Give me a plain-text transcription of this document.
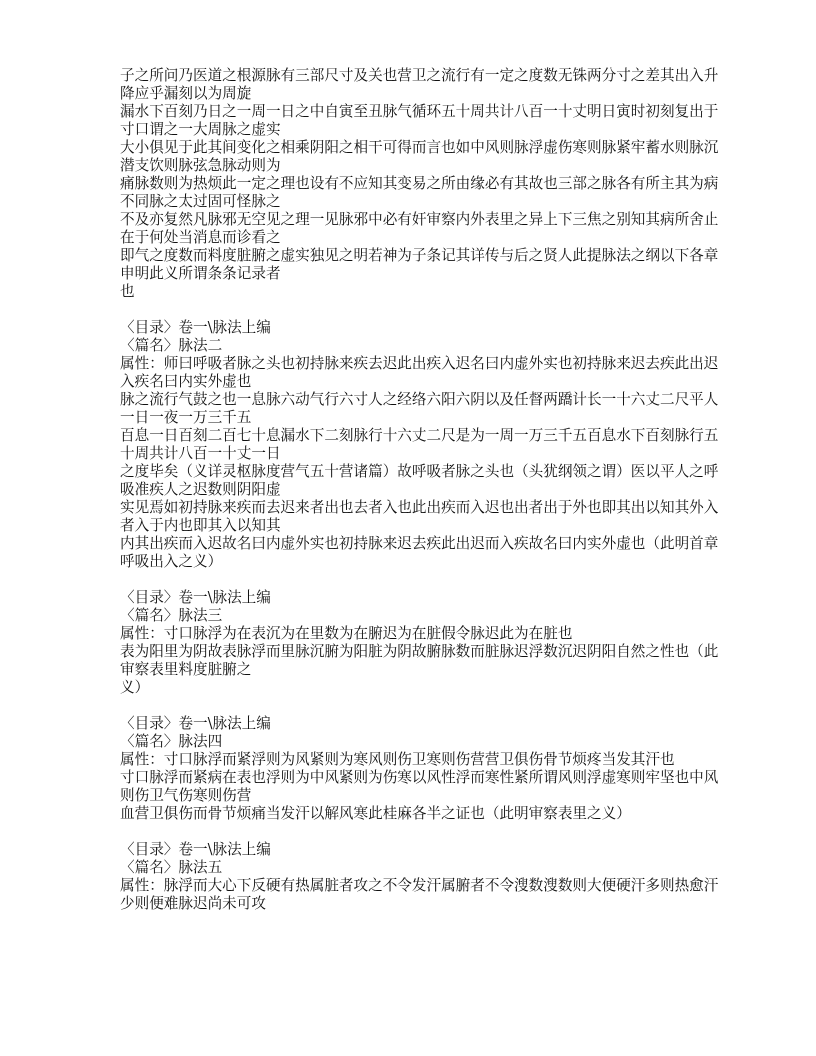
子之所问乃医道之根源脉有三部尺寸及关也营卫之流行有一定之度数无铢两分寸之差其出入升
降应乎漏刻以为周旋
漏水下百刻乃日之一周一日之中自寅至丑脉气循环五十周共计八百一十丈明日寅时初刻复出于
寸口谓之一大周脉之虚实
大小俱见于此其间变化之相乘阴阳之相干可得而言也如中风则脉浮虚伤寒则脉紧牢蓄水则脉沉
潜支饮则脉弦急脉动则为
痛脉数则为热烦此一定之理也设有不应知其变易之所由缘必有其故也三部之脉各有所主其为病
不同脉之太过固可怪脉之
不及亦复然凡脉邪无空见之理一见脉邪中必有奸审察内外表里之异上下三焦之别知其病所舍止
在于何处当消息而诊看之
即气之度数而料度脏腑之虚实独见之明若神为子条记其详传与后之贤人此提脉法之纲以下各章
申明此义所谓条条记录者
也
〈目录〉卷一\脉法上编
〈篇名〉脉法二
属性：师曰呼吸者脉之头也初持脉来疾去迟此出疾入迟名曰内虚外实也初持脉来迟去疾此出迟
入疾名曰内实外虚也
脉之流行气鼓之也一息脉六动气行六寸人之经络六阳六阴以及任督两蹻计长一十六丈二尺平人
一日一夜一万三千五
百息一日百刻二百七十息漏水下二刻脉行十六丈二尺是为一周一万三千五百息水下百刻脉行五
十周共计八百一十丈一日
之度毕矣（义详灵枢脉度营气五十营诸篇）故呼吸者脉之头也（头犹纲领之谓）医以平人之呼
吸准疾人之迟数则阴阳虚
实见焉如初持脉来疾而去迟来者出也去者入也此出疾而入迟也出者出于外也即其出以知其外入
者入于内也即其入以知其
内其出疾而入迟故名曰内虚外实也初持脉来迟去疾此出迟而入疾故名曰内实外虚也（此明首章
呼吸出入之义）
〈目录〉卷一\脉法上编
〈篇名〉脉法三
属性：寸口脉浮为在表沉为在里数为在腑迟为在脏假令脉迟此为在脏也
表为阳里为阴故表脉浮而里脉沉腑为阳脏为阴故腑脉数而脏脉迟浮数沉迟阴阳自然之性也（此
审察表里料度脏腑之
义）
〈目录〉卷一\脉法上编
〈篇名〉脉法四
属性：寸口脉浮而紧浮则为风紧则为寒风则伤卫寒则伤营营卫俱伤骨节烦疼当发其汗也
寸口脉浮而紧病在表也浮则为中风紧则为伤寒以风性浮而寒性紧所谓风则浮虚寒则牢坚也中风
则伤卫气伤寒则伤营
血营卫俱伤而骨节烦痛当发汗以解风寒此桂麻各半之证也（此明审察表里之义）
〈目录〉卷一\脉法上编
〈篇名〉脉法五
属性：脉浮而大心下反硬有热属脏者攻之不令发汗属腑者不令溲数溲数则大便硬汗多则热愈汗
少则便难脉迟尚未可攻
